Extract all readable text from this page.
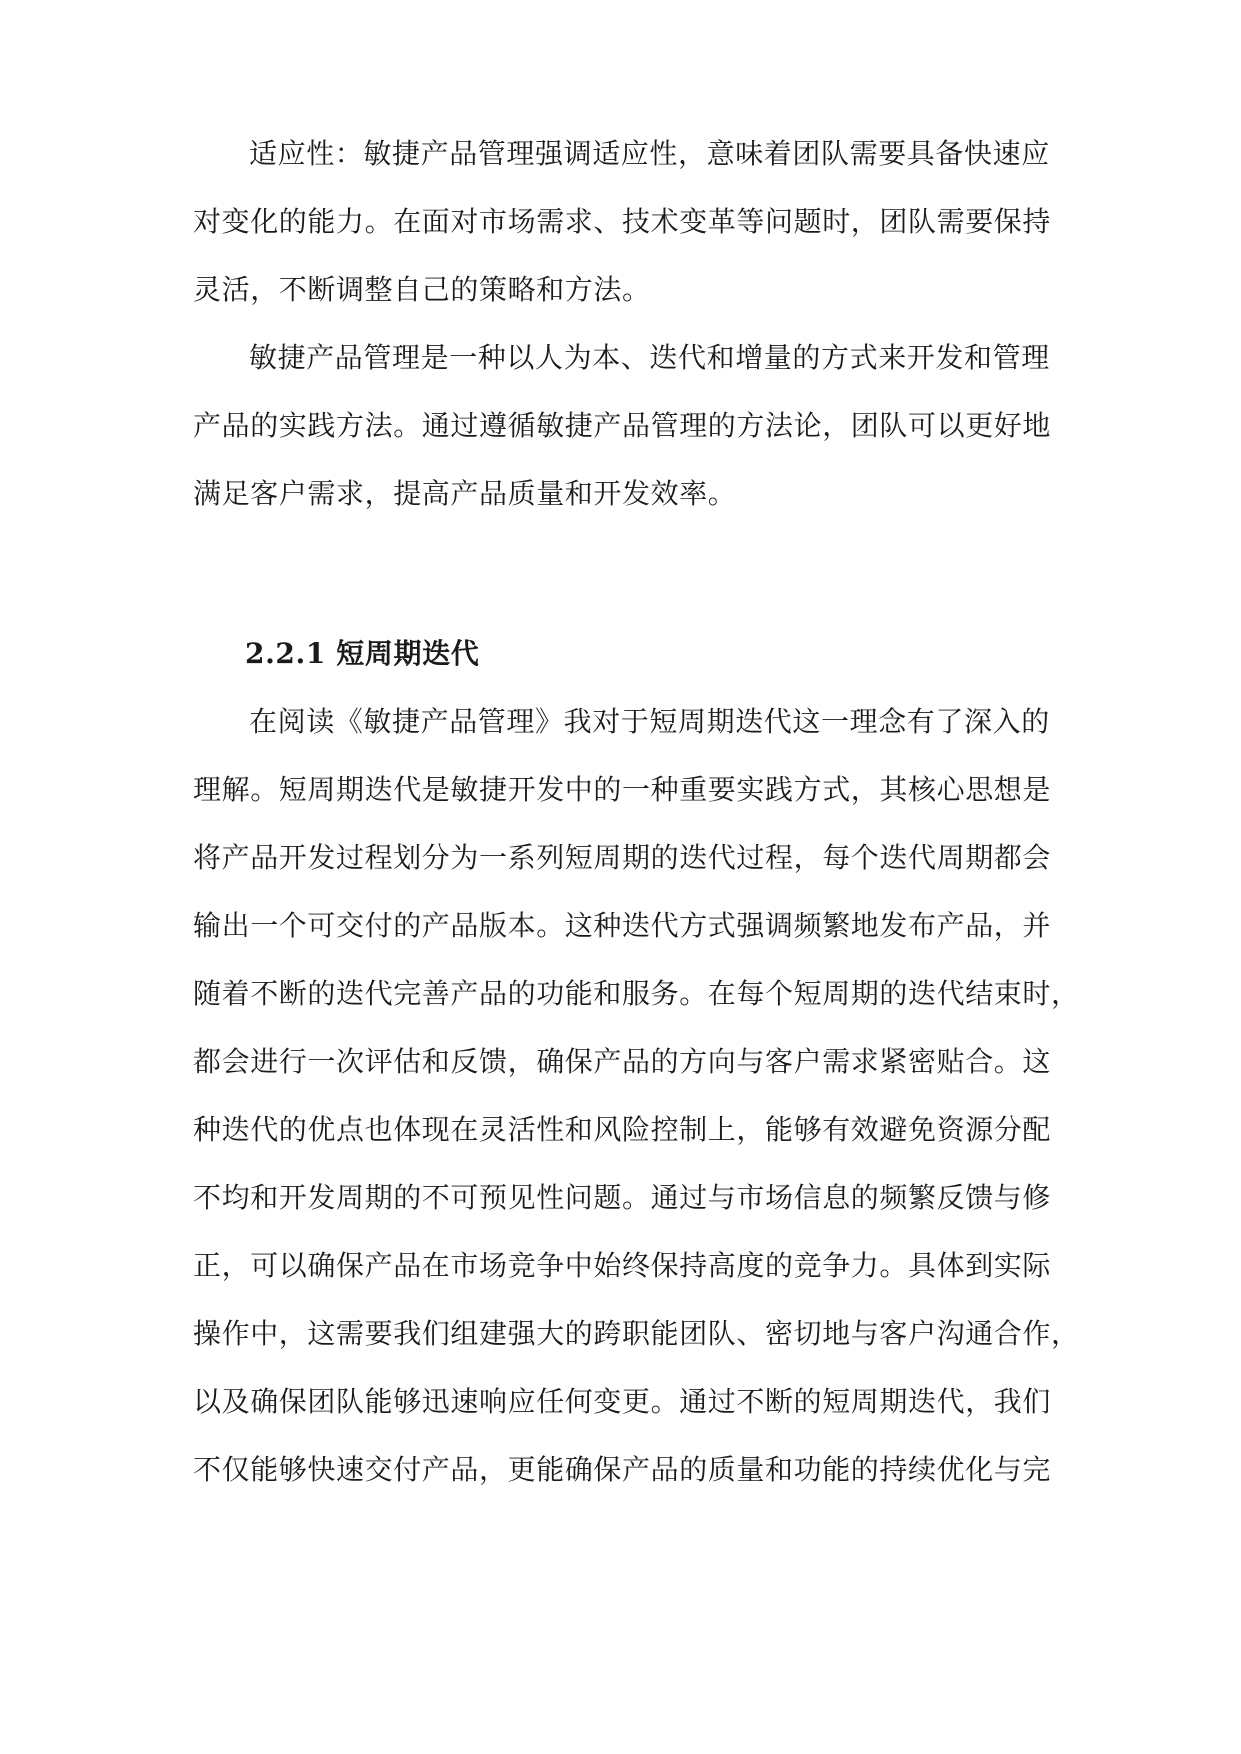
适应性：敏捷产品管理强调适应性，意味着团队需要具备快速应
对变化的能力。在面对市场需求、技术变革等问题时，团队需要保持
灵活，不断调整自己的策略和方法。
敏捷产品管理是一种以人为本、迭代和增量的方式来开发和管理
产品的实践方法。通过遵循敏捷产品管理的方法论，团队可以更好地
满足客户需求，提高产品质量和开发效率。
2.2.1 短周期迭代
在阅读《敏捷产品管理》我对于短周期迭代这一理念有了深入的
理解。短周期迭代是敏捷开发中的一种重要实践方式，其核心思想是
将产品开发过程划分为一系列短周期的迭代过程，每个迭代周期都会
输出一个可交付的产品版本。这种迭代方式强调频繁地发布产品，并
随着不断的迭代完善产品的功能和服务。在每个短周期的迭代结束时，
都会进行一次评估和反馈，确保产品的方向与客户需求紧密贴合。这
种迭代的优点也体现在灵活性和风险控制上，能够有效避免资源分配
不均和开发周期的不可预见性问题。通过与市场信息的频繁反馈与修
正，可以确保产品在市场竞争中始终保持高度的竞争力。具体到实际
操作中，这需要我们组建强大的跨职能团队、密切地与客户沟通合作，
以及确保团队能够迅速响应任何变更。通过不断的短周期迭代，我们
不仅能够快速交付产品，更能确保产品的质量和功能的持续优化与完
